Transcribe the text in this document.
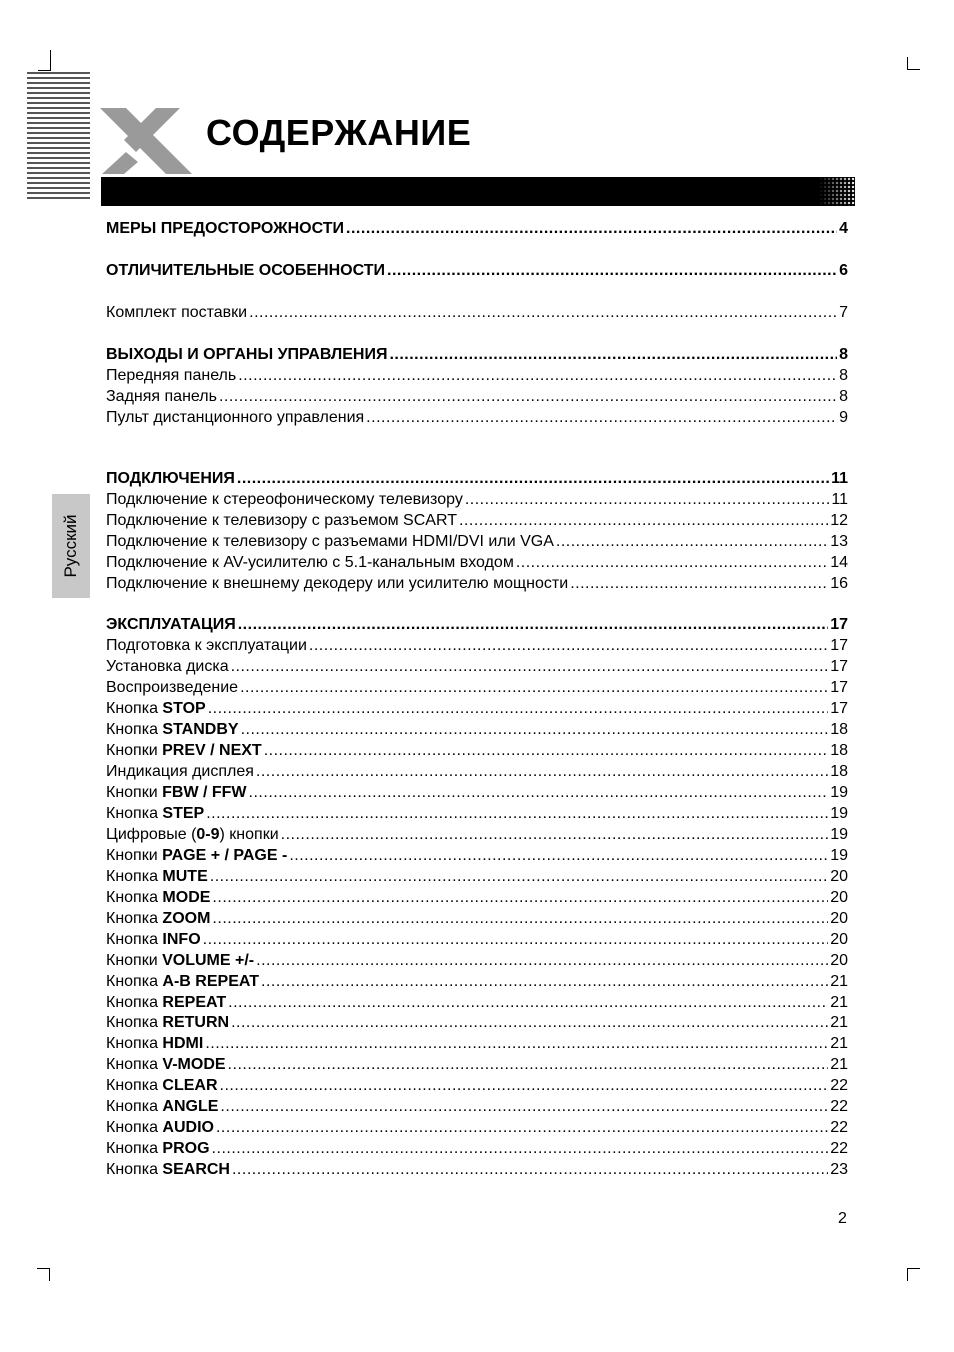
СОДЕРЖАНИЕ
Русский
МЕРЫ ПРЕДОСТОРОЖНОСТИ .....	4
ОТЛИЧИТЕЛЬНЫЕ ОСОБЕННОСТИ .....	6
Комплект поставки .....	7
ВЫХОДЫ И ОРГАНЫ УПРАВЛЕНИЯ .....	8
Передняя панель .....	8
Задняя панель .....	8
Пульт дистанционного управления .....	9
ПОДКЛЮЧЕНИЯ .....	11
Подключение к стереофоническому телевизору .....	11
Подключение к телевизору с разъемом SCART .....	12
Подключение к телевизору с разъемами HDMI/DVI или VGA .....	13
Подключение к AV-усилителю с 5.1-канальным входом .....	14
Подключение к внешнему декодеру или усилителю мощности .....	16
ЭКСПЛУАТАЦИЯ .....	17
Подготовка к эксплуатации .....	17
Установка диска .....	17
Воспроизведение .....	17
Кнопка STOP .....	17
Кнопка STANDBY .....	18
Кнопки PREV / NEXT .....	18
Индикация дисплея .....	18
Кнопки FBW / FFW .....	19
Кнопка STEP .....	19
Цифровые (0-9) кнопки .....	19
Кнопки PAGE + / PAGE - .....	19
Кнопка MUTE .....	20
Кнопка MODE .....	20
Кнопка ZOOM .....	20
Кнопка INFO .....	20
Кнопки VOLUME +/- .....	20
Кнопка A-B REPEAT .....	21
Кнопка REPEAT .....	21
Кнопка RETURN .....	21
Кнопка HDMI .....	21
Кнопка V-MODE .....	21
Кнопка CLEAR .....	22
Кнопка ANGLE .....	22
Кнопка AUDIO .....	22
Кнопка PROG .....	22
Кнопка SEARCH .....	23
2
